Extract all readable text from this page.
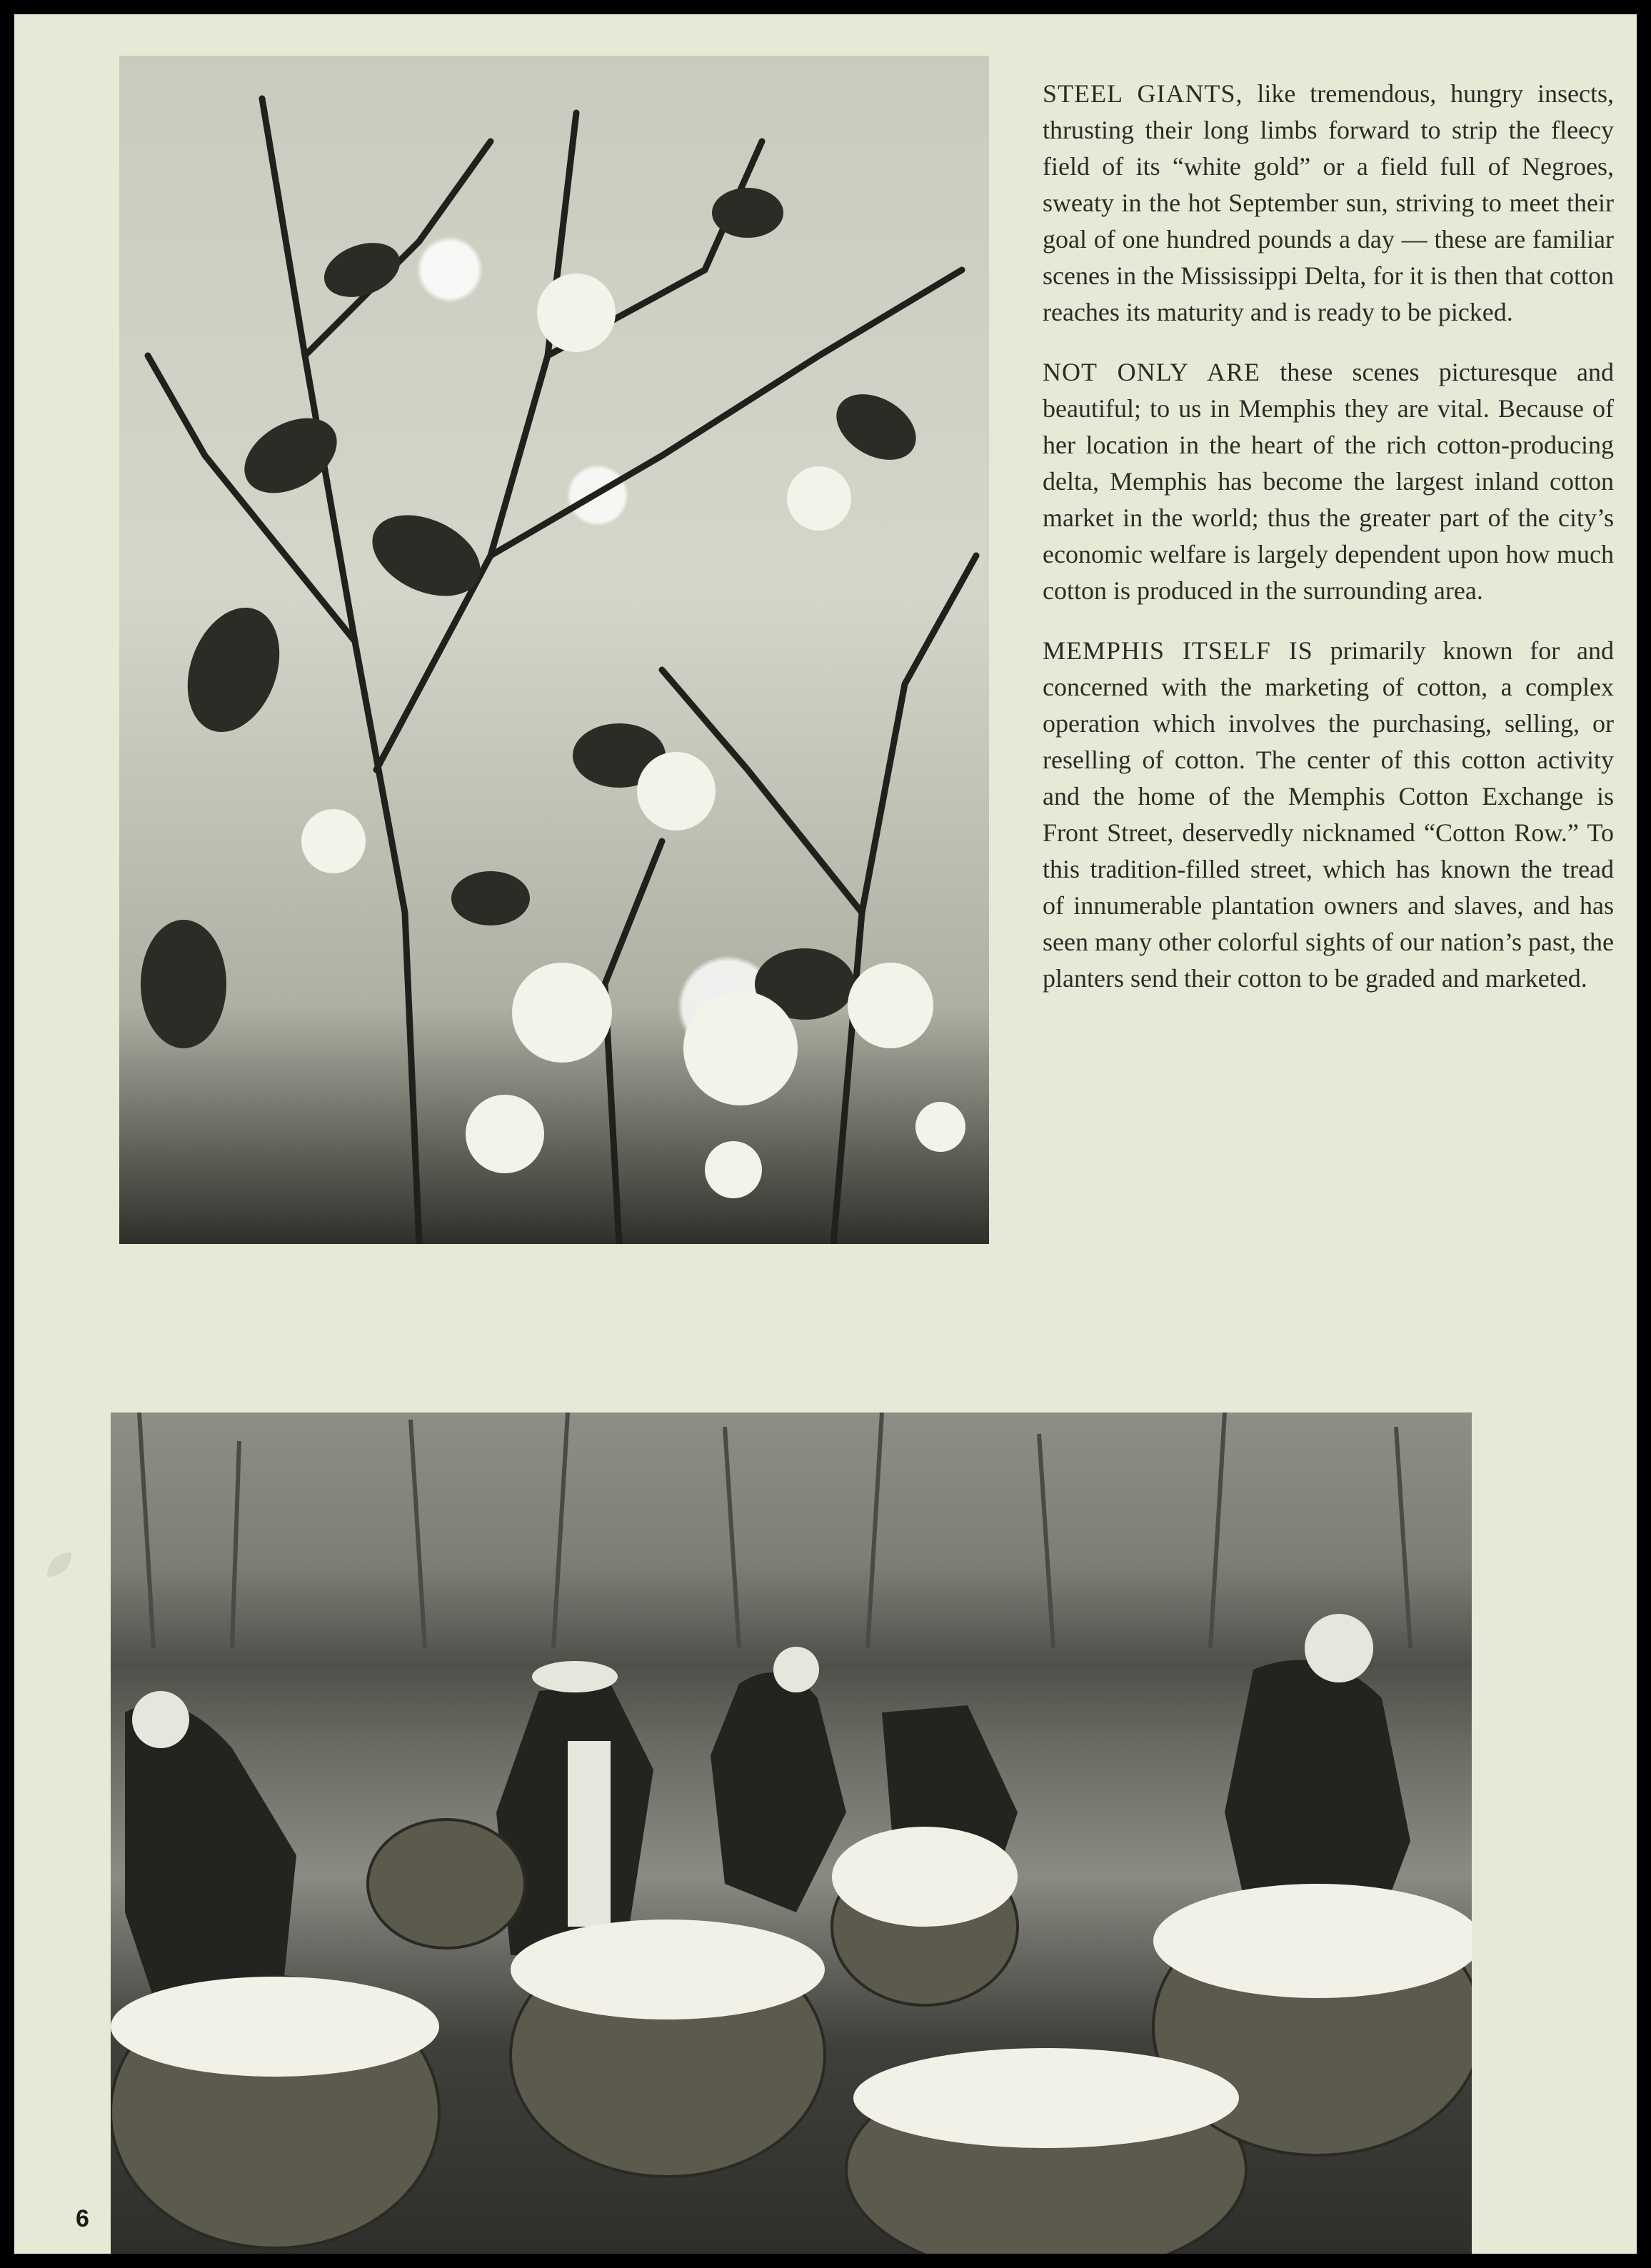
STEEL GIANTS, like tremendous, hungry insects, thrusting their long limbs forward to strip the fleecy field of its “white gold” or a field full of Negroes, sweaty in the hot September sun, striving to meet their goal of one hundred pounds a day — these are familiar scenes in the Mississippi Delta, for it is then that cotton reaches its maturity and is ready to be picked.

NOT ONLY ARE these scenes picturesque and beautiful; to us in Memphis they are vital. Because of her location in the heart of the rich cotton-producing delta, Memphis has become the largest inland cotton market in the world; thus the greater part of the city’s economic welfare is largely dependent upon how much cotton is produced in the surrounding area.

MEMPHIS ITSELF IS primarily known for and concerned with the marketing of cotton, a complex operation which involves the purchasing, selling, or reselling of cotton. The center of this cotton activity and the home of the Memphis Cotton Exchange is Front Street, deservedly nicknamed “Cotton Row.” To this tradition-filled street, which has known the tread of innumerable plantation owners and slaves, and has seen many other colorful sights of our nation’s past, the planters send their cotton to be graded and marketed.

6
